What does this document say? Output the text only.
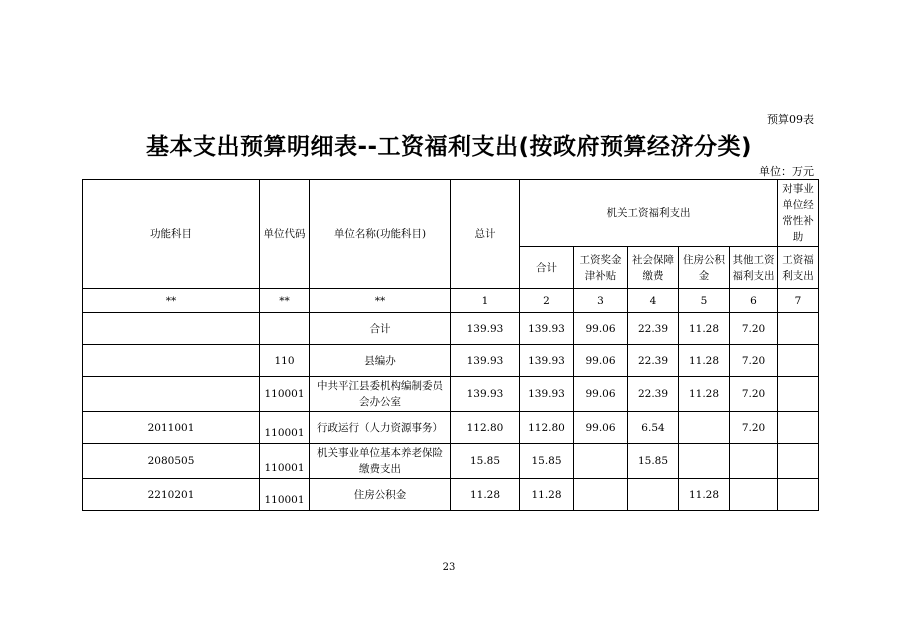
预算09表
基本支出预算明细表--工资福利支出(按政府预算经济分类)
单位：万元
功能科目	单位代码	单位名称(功能科目)	总计	机关工资福利支出					对事业单位经常性补助
				合计	工资奖金津补贴	社会保障缴费	住房公积金	其他工资福利支出	工资福利支出
**	**	**	1	2	3	4	5	6	7
		合计	139.93	139.93	99.06	22.39	11.28	7.20	
	110	县编办	139.93	139.93	99.06	22.39	11.28	7.20	
	110001	中共平江县委机构编制委员会办公室	139.93	139.93	99.06	22.39	11.28	7.20	
2011001	110001	行政运行（人力资源事务）	112.80	112.80	99.06	6.54		7.20	
2080505	110001	机关事业单位基本养老保险缴费支出	15.85	15.85		15.85			
2210201	110001	住房公积金	11.28	11.28			11.28		
23
